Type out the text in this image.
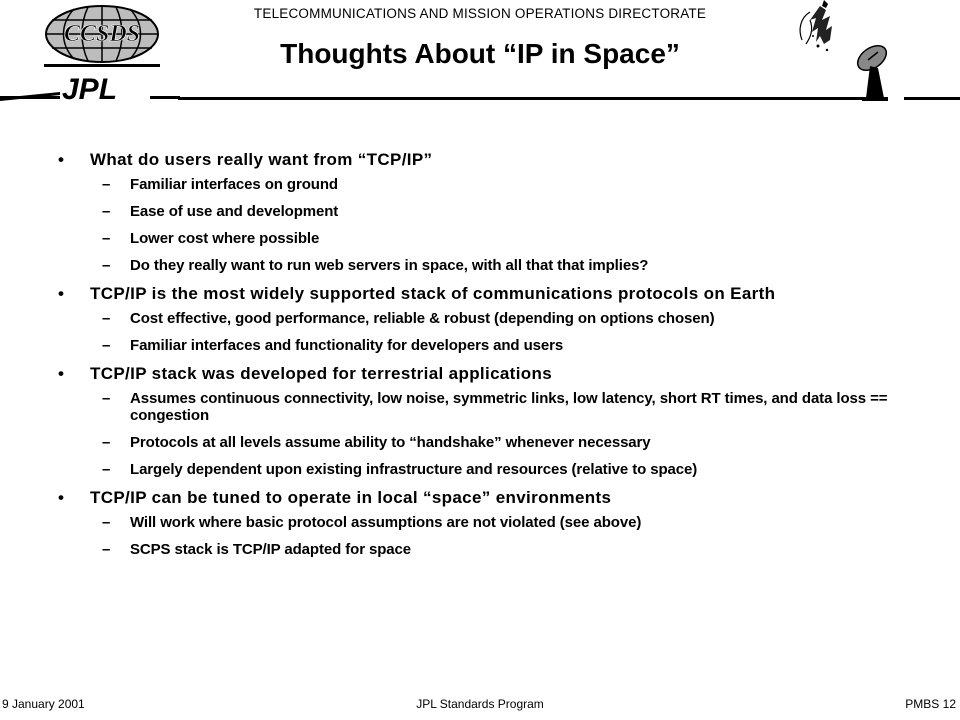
TELECOMMUNICATIONS AND MISSION OPERATIONS DIRECTORATE
Thoughts About “IP in Space”
CCSDS
JPL
• What do users really want from “TCP/IP”
– Familiar interfaces on ground
– Ease of use and development
– Lower cost where possible
– Do they really want to run web servers in space, with all that that implies?
• TCP/IP is the most widely supported stack of communications protocols on Earth
– Cost effective, good performance, reliable & robust (depending on options chosen)
– Familiar interfaces and functionality for developers and users
• TCP/IP stack was developed for terrestrial applications
– Assumes continuous connectivity, low noise, symmetric links, low latency, short RT times, and data loss == congestion
– Protocols at all levels assume ability to “handshake” whenever necessary
– Largely dependent upon existing infrastructure and resources (relative to space)
• TCP/IP can be tuned to operate in local “space” environments
– Will work where basic protocol assumptions are not violated (see above)
– SCPS stack is TCP/IP adapted for space
9 January 2001	JPL Standards Program	PMBS 12
